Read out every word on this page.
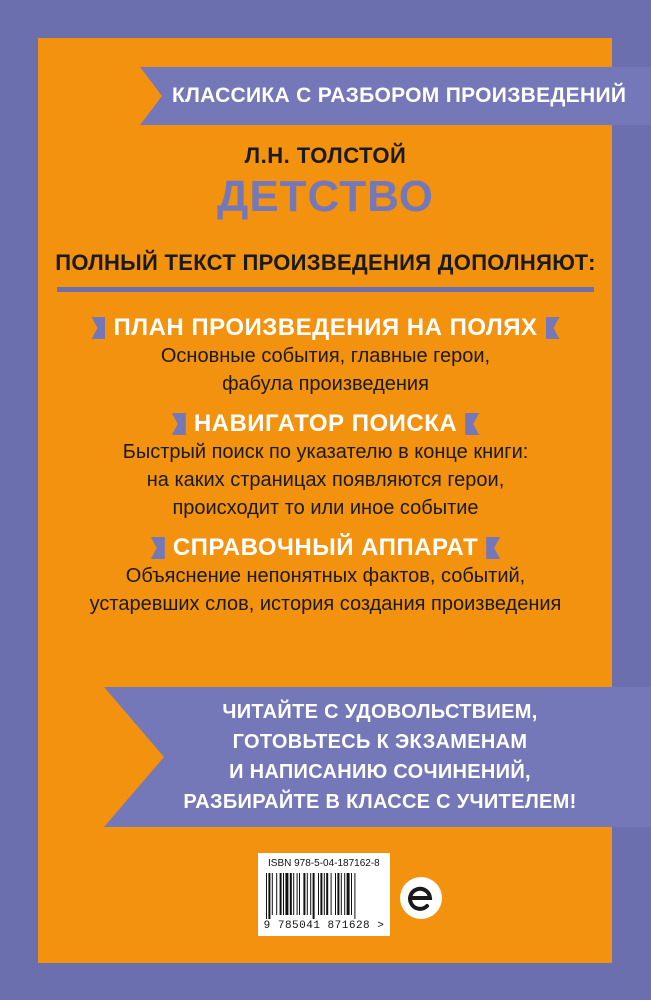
КЛАССИКА С РАЗБОРОМ ПРОИЗВЕДЕНИЙ
Л.Н. ТОЛСТОЙ
ДЕТСТВО
ПОЛНЫЙ ТЕКСТ ПРОИЗВЕДЕНИЯ ДОПОЛНЯЮТ:
ПЛАН ПРОИЗВЕДЕНИЯ НА ПОЛЯХ
Основные события, главные герои,
фабула произведения
НАВИГАТОР ПОИСКА
Быстрый поиск по указателю в конце книги:
на каких страницах появляются герои,
происходит то или иное событие
СПРАВОЧНЫЙ АППАРАТ
Объяснение непонятных фактов, событий,
устаревших слов, история создания произведения
ЧИТАЙТЕ С УДОВОЛЬСТВИЕМ,
ГОТОВЬТЕСЬ К ЭКЗАМЕНАМ
И НАПИСАНИЮ СОЧИНЕНИЙ,
РАЗБИРАЙТЕ В КЛАССЕ С УЧИТЕЛЕМ!
ISBN 978-5-04-187162-8
9 785041 871628 >
